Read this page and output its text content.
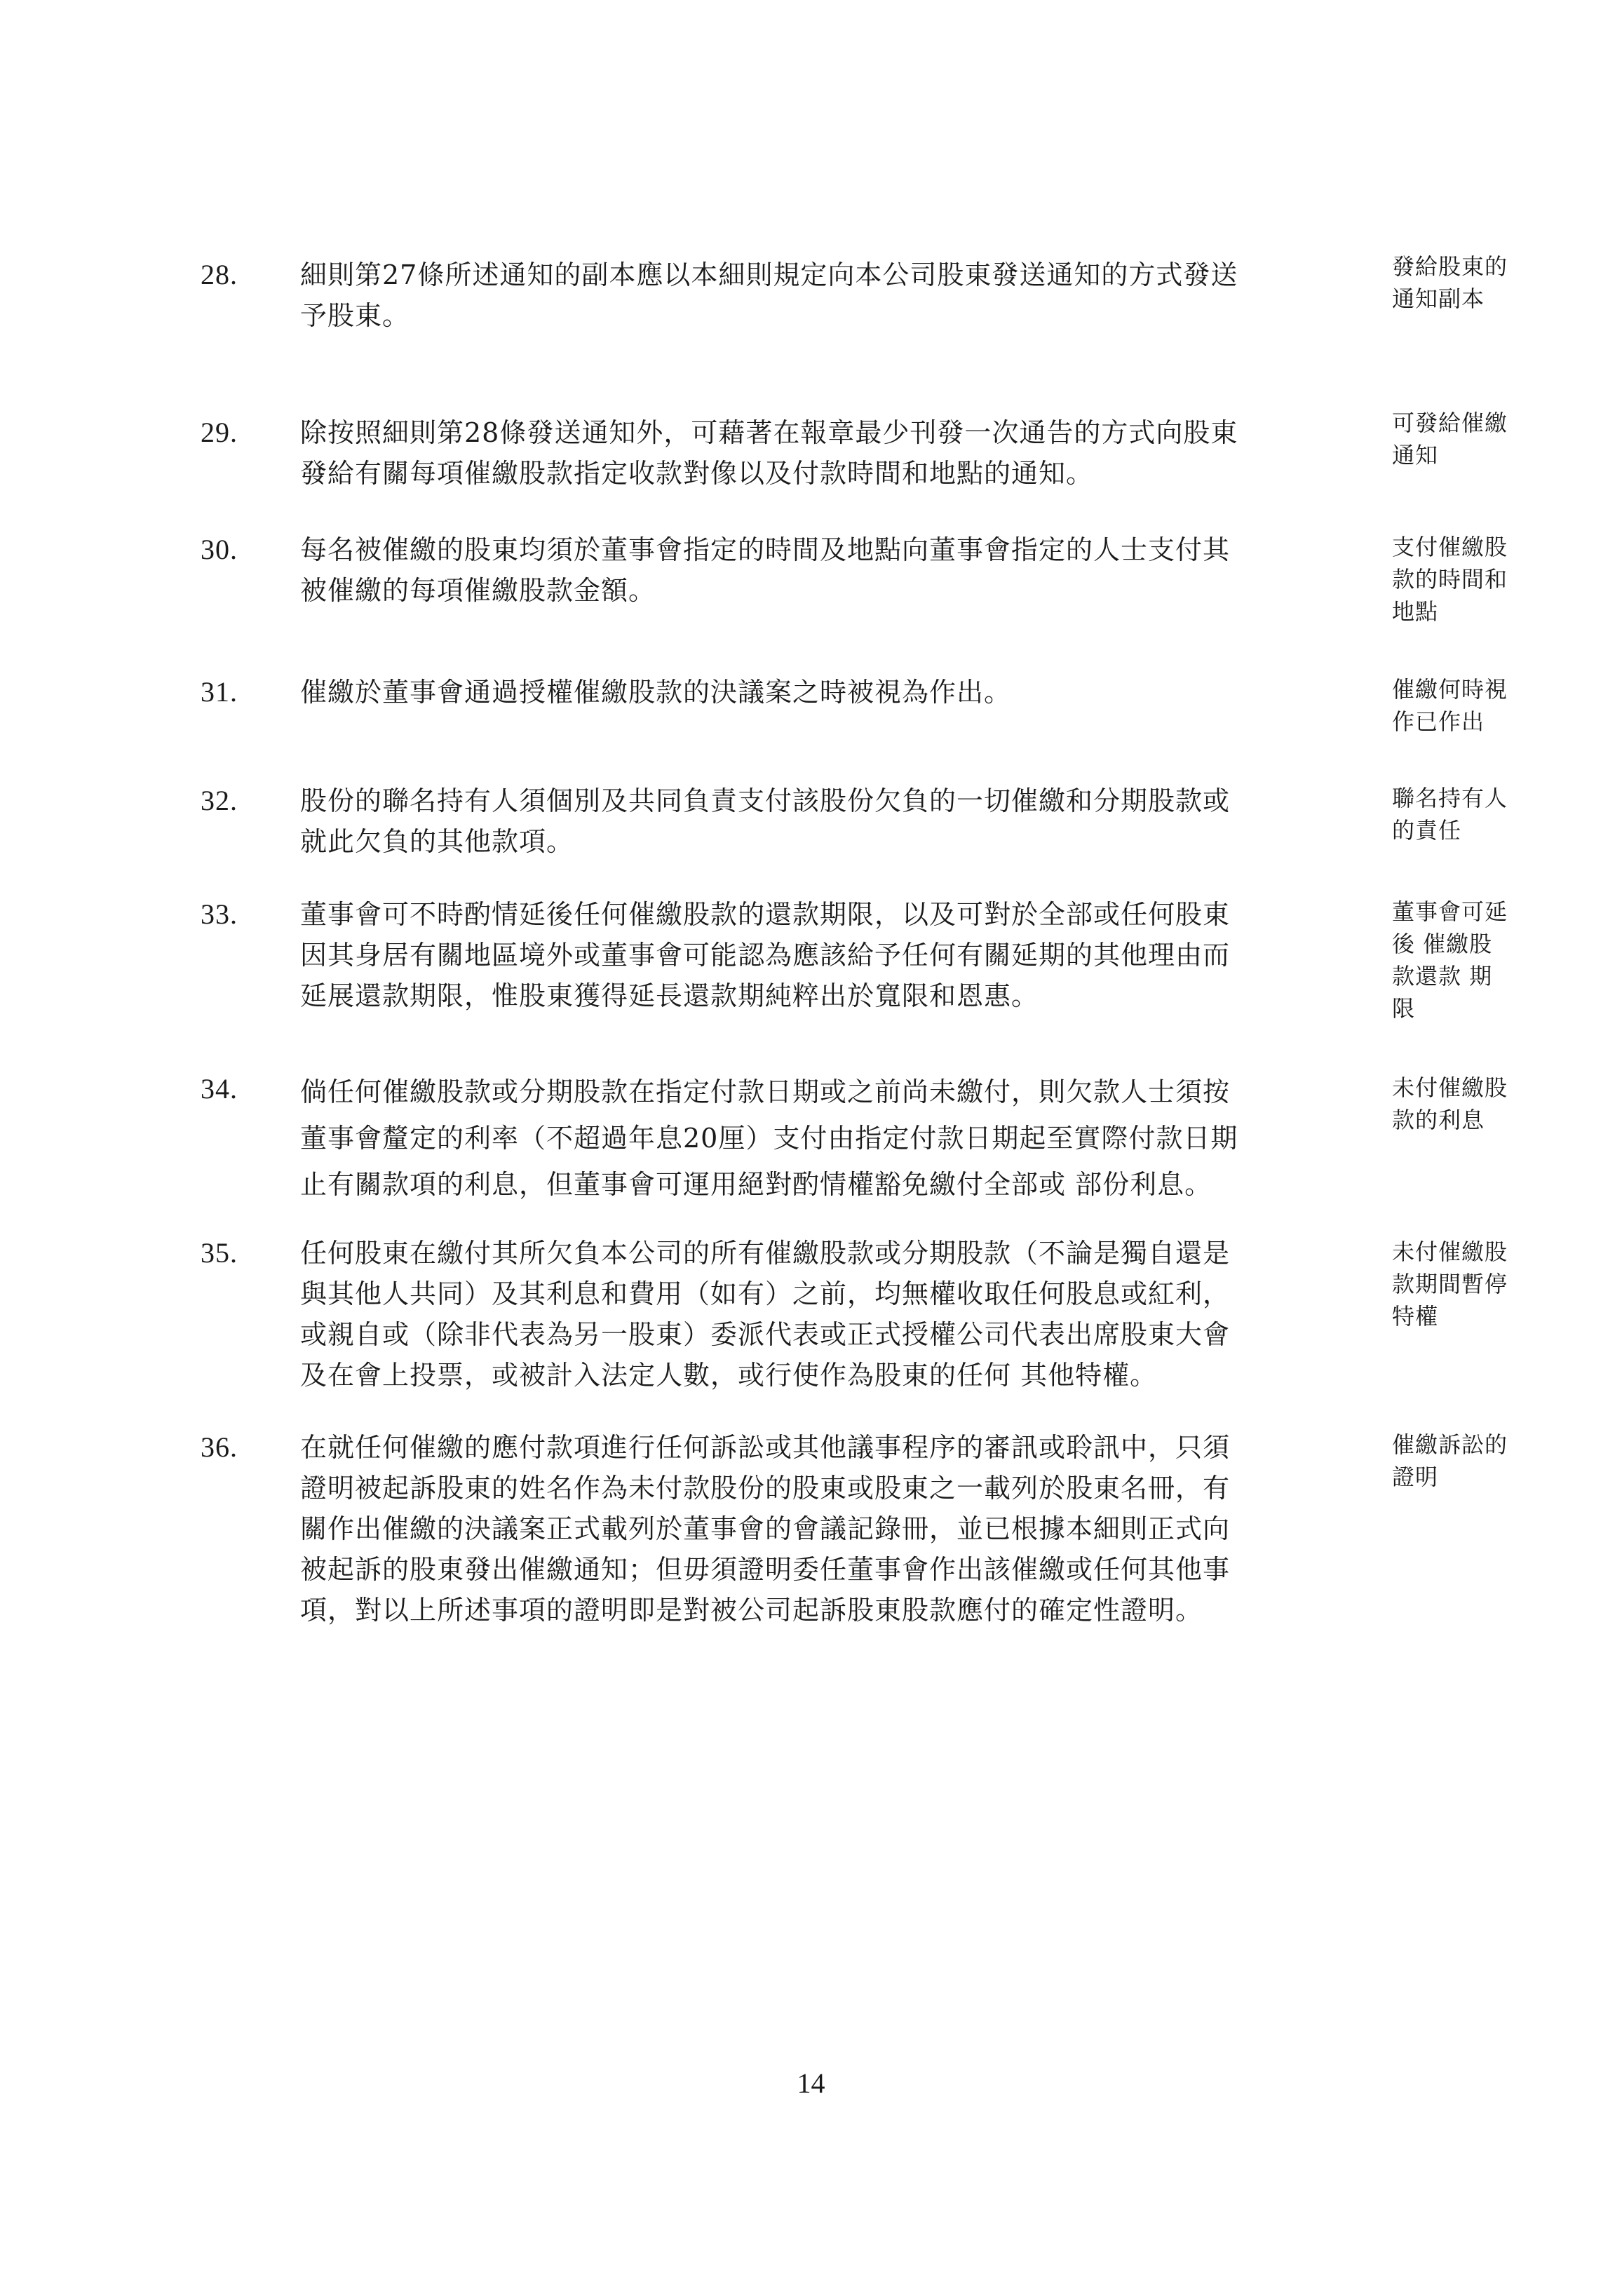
28. 細則第27條所述通知的副本應以本細則規定向本公司股東發送通知的方式發送
予股東。
發給股東的
通知副本
29. 除按照細則第28條發送通知外，可藉著在報章最少刊發一次通告的方式向股東
發給有關每項催繳股款指定收款對像以及付款時間和地點的通知。
可發給催繳
通知
30. 每名被催繳的股東均須於董事會指定的時間及地點向董事會指定的人士支付其
被催繳的每項催繳股款金額。
支付催繳股
款的時間和
地點
31. 催繳於董事會通過授權催繳股款的決議案之時被視為作出。	催繳何時視
作已作出
32. 股份的聯名持有人須個別及共同負責支付該股份欠負的一切催繳和分期股款或
就此欠負的其他款項。
聯名持有人
的責任
33. 董事會可不時酌情延後任何催繳股款的還款期限，以及可對於全部或任何股東
因其身居有關地區境外或董事會可能認為應該給予任何有關延期的其他理由而
延展還款期限，惟股東獲得延長還款期純粹出於寬限和恩惠。
董事會可延
後 催繳股
款還款 期
限
34. 倘任何催繳股款或分期股款在指定付款日期或之前尚未繳付，則欠款人士須按
董事會釐定的利率（不超過年息20厘）支付由指定付款日期起至實際付款日期
止有關款項的利息，但董事會可運用絕對酌情權豁免繳付全部或 部份利息。
未付催繳股
款的利息
35. 任何股東在繳付其所欠負本公司的所有催繳股款或分期股款（不論是獨自還是
與其他人共同）及其利息和費用（如有）之前，均無權收取任何股息或紅利，
或親自或（除非代表為另一股東）委派代表或正式授權公司代表出席股東大會
及在會上投票，或被計入法定人數，或行使作為股東的任何 其他特權。
未付催繳股
款期間暫停
特權
36. 在就任何催繳的應付款項進行任何訴訟或其他議事程序的審訊或聆訊中，只須
證明被起訴股東的姓名作為未付款股份的股東或股東之一載列於股東名冊，有
關作出催繳的決議案正式載列於董事會的會議記錄冊，並已根據本細則正式向
被起訴的股東發出催繳通知；但毋須證明委任董事會作出該催繳或任何其他事
項，對以上所述事項的證明即是對被公司起訴股東股款應付的確定性證明。
催繳訴訟的
證明
14
